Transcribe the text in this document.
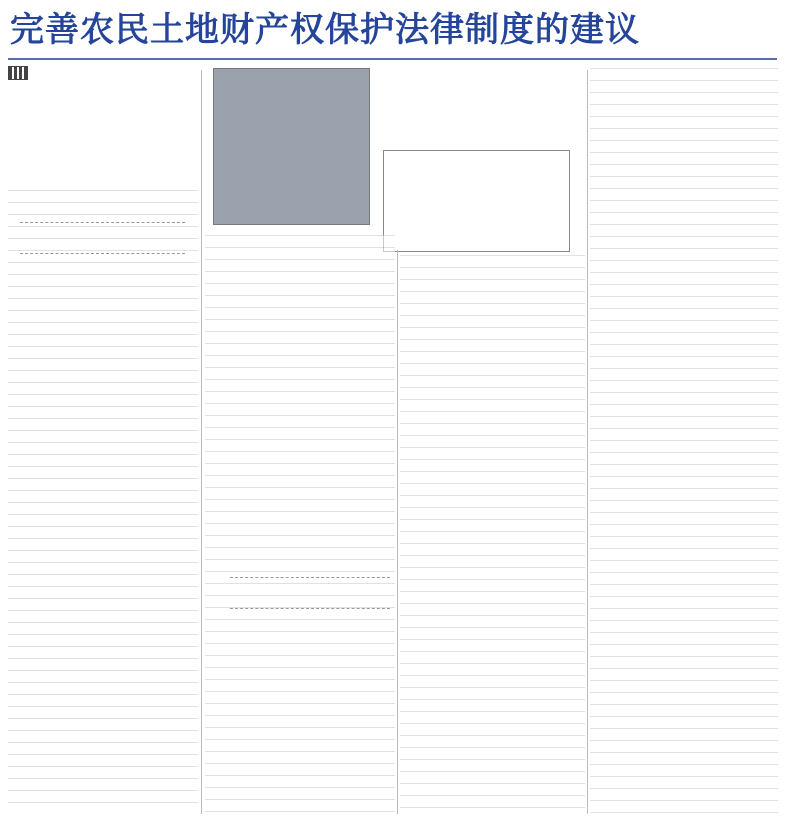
完善农民土地财产权保护法律制度的建议
